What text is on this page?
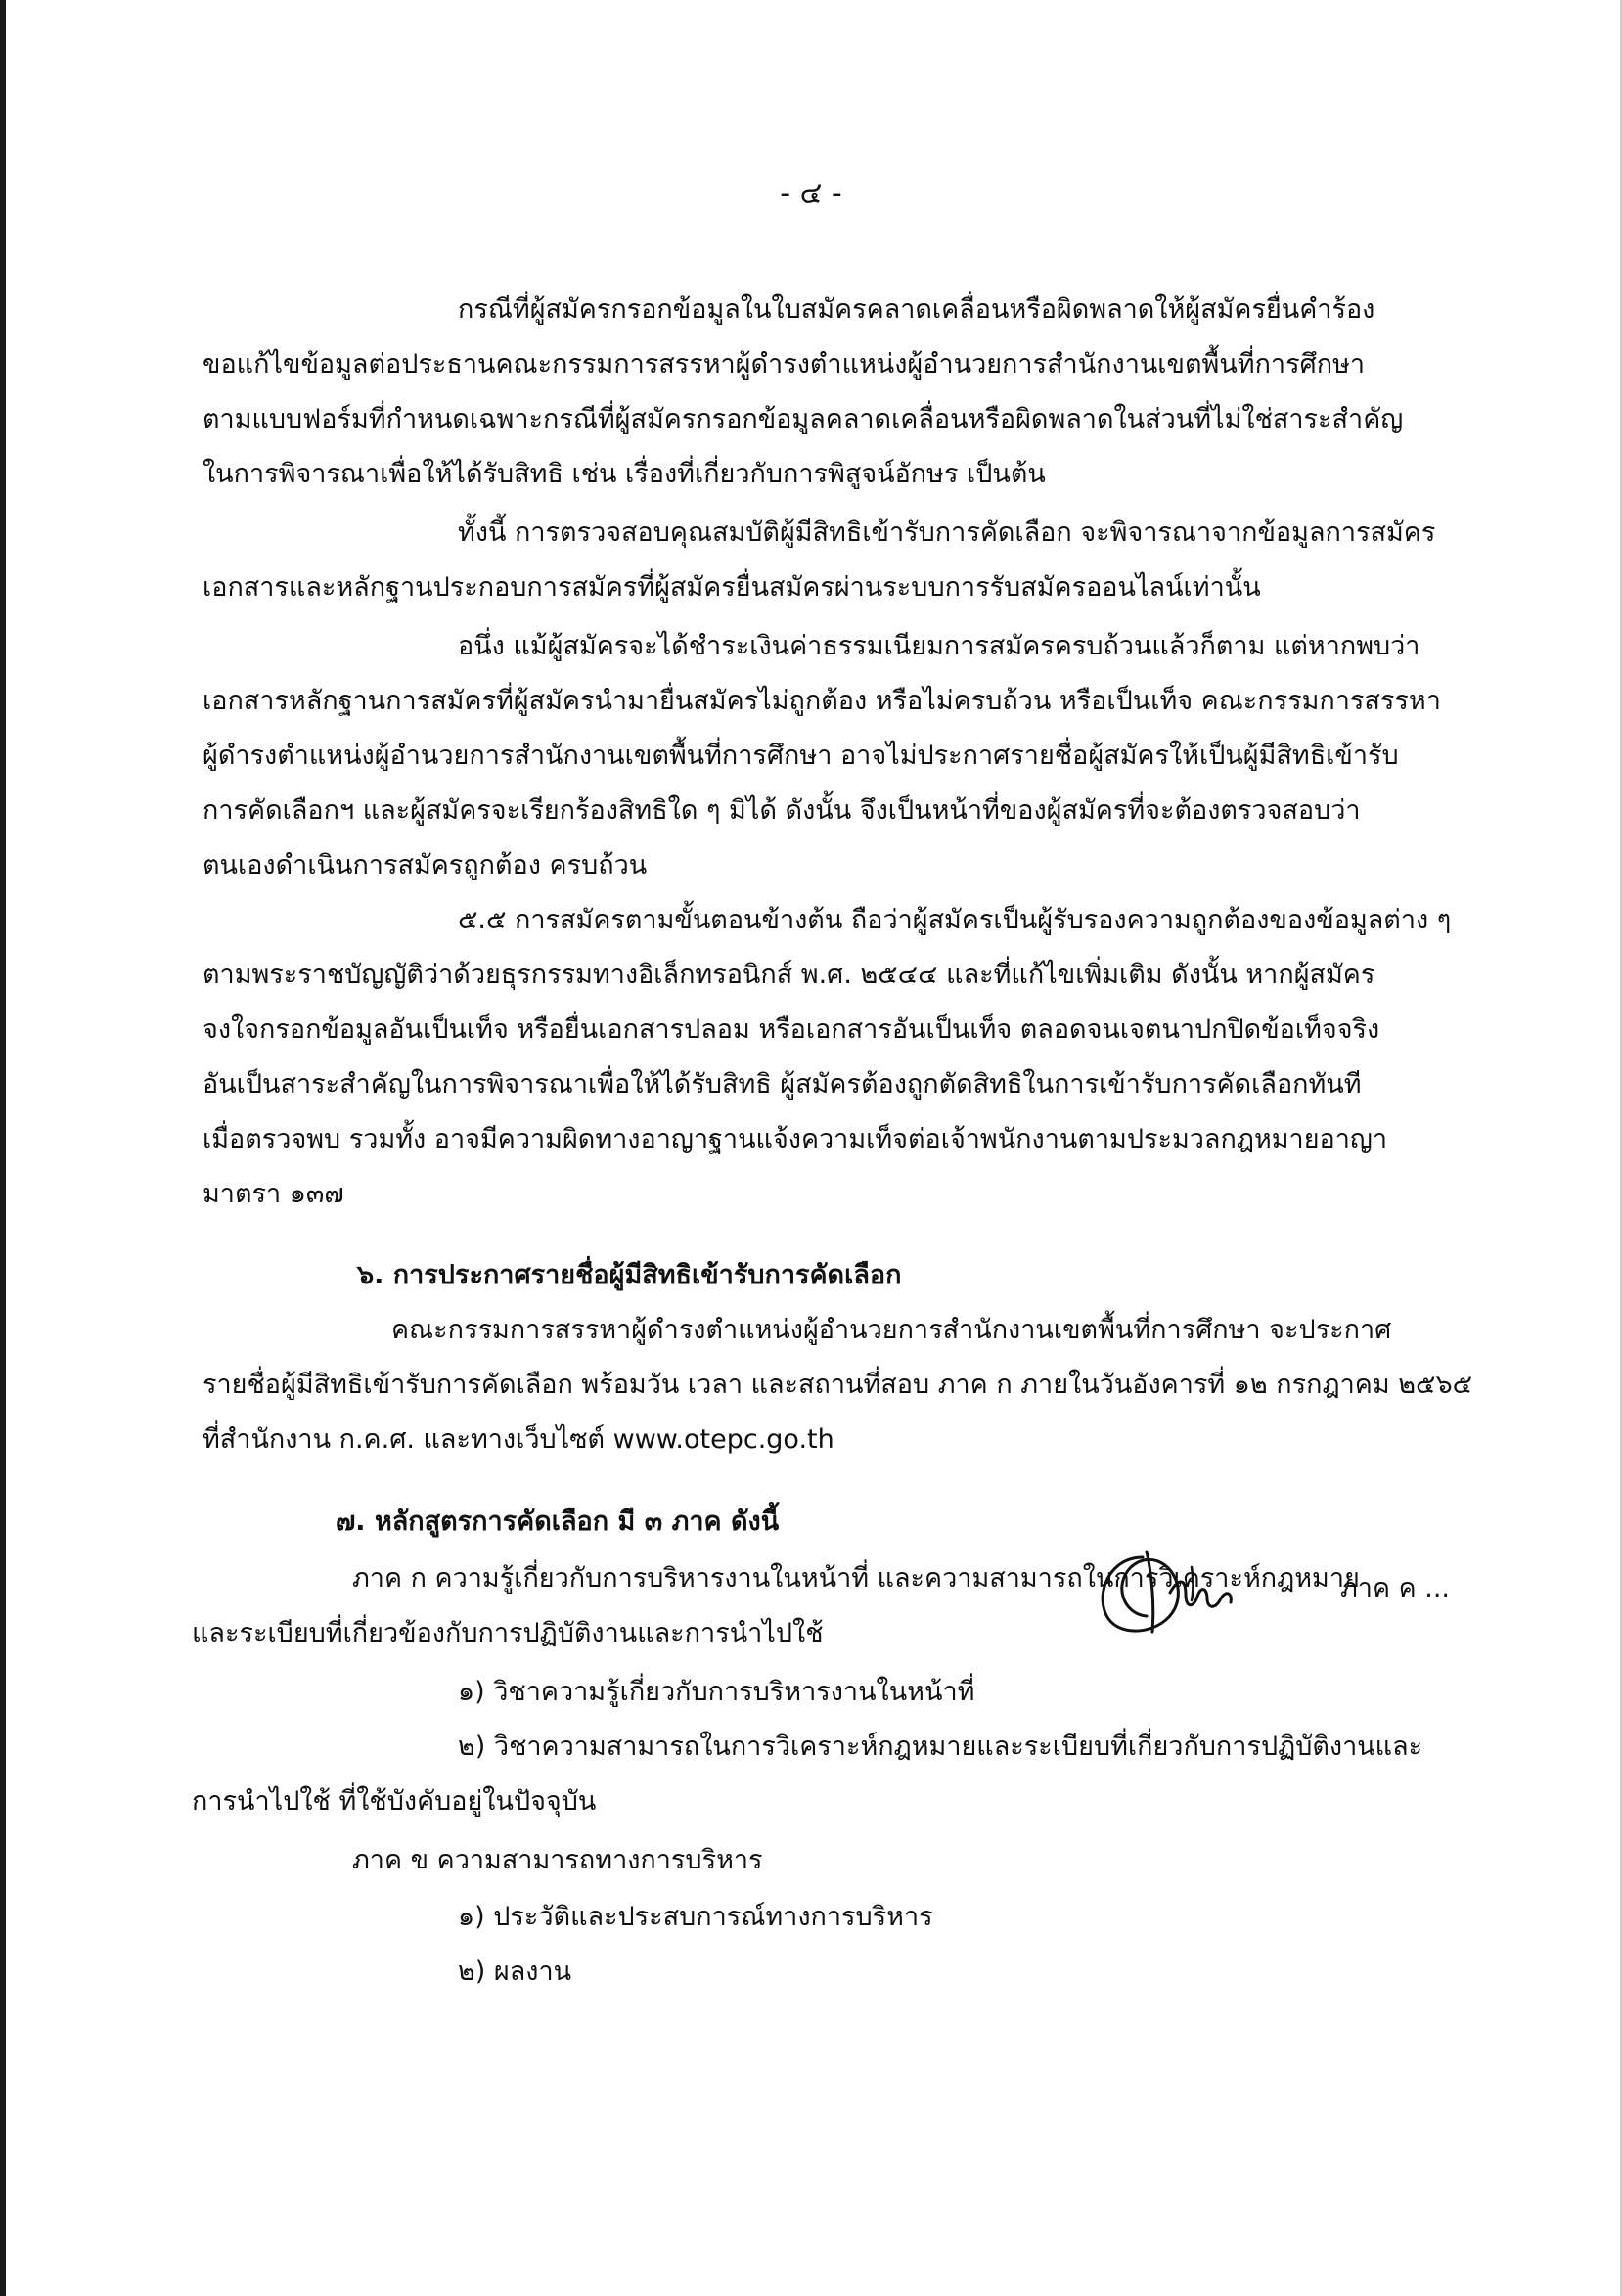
- ๔ -
กรณีที่ผู้สมัครกรอกข้อมูลในใบสมัครคลาดเคลื่อนหรือผิดพลาดให้ผู้สมัครยื่นคำร้อง
ขอแก้ไขข้อมูลต่อประธานคณะกรรมการสรรหาผู้ดำรงตำแหน่งผู้อำนวยการสำนักงานเขตพื้นที่การศึกษา
ตามแบบฟอร์มที่กำหนดเฉพาะกรณีที่ผู้สมัครกรอกข้อมูลคลาดเคลื่อนหรือผิดพลาดในส่วนที่ไม่ใช่สาระสำคัญ
ในการพิจารณาเพื่อให้ได้รับสิทธิ เช่น เรื่องที่เกี่ยวกับการพิสูจน์อักษร เป็นต้น
ทั้งนี้ การตรวจสอบคุณสมบัติผู้มีสิทธิเข้ารับการคัดเลือก จะพิจารณาจากข้อมูลการสมัคร
เอกสารและหลักฐานประกอบการสมัครที่ผู้สมัครยื่นสมัครผ่านระบบการรับสมัครออนไลน์เท่านั้น
อนึ่ง แม้ผู้สมัครจะได้ชำระเงินค่าธรรมเนียมการสมัครครบถ้วนแล้วก็ตาม แต่หากพบว่า
เอกสารหลักฐานการสมัครที่ผู้สมัครนำมายื่นสมัครไม่ถูกต้อง หรือไม่ครบถ้วน หรือเป็นเท็จ คณะกรรมการสรรหา
ผู้ดำรงตำแหน่งผู้อำนวยการสำนักงานเขตพื้นที่การศึกษา อาจไม่ประกาศรายชื่อผู้สมัครให้เป็นผู้มีสิทธิเข้ารับ
การคัดเลือกฯ และผู้สมัครจะเรียกร้องสิทธิใด ๆ มิได้ ดังนั้น จึงเป็นหน้าที่ของผู้สมัครที่จะต้องตรวจสอบว่า
ตนเองดำเนินการสมัครถูกต้อง ครบถ้วน
๕.๕ การสมัครตามขั้นตอนข้างต้น ถือว่าผู้สมัครเป็นผู้รับรองความถูกต้องของข้อมูลต่าง ๆ
ตามพระราชบัญญัติว่าด้วยธุรกรรมทางอิเล็กทรอนิกส์ พ.ศ. ๒๕๔๔ และที่แก้ไขเพิ่มเติม ดังนั้น หากผู้สมัคร
จงใจกรอกข้อมูลอันเป็นเท็จ หรือยื่นเอกสารปลอม หรือเอกสารอันเป็นเท็จ ตลอดจนเจตนาปกปิดข้อเท็จจริง
อันเป็นสาระสำคัญในการพิจารณาเพื่อให้ได้รับสิทธิ ผู้สมัครต้องถูกตัดสิทธิในการเข้ารับการคัดเลือกทันที
เมื่อตรวจพบ รวมทั้ง อาจมีความผิดทางอาญาฐานแจ้งความเท็จต่อเจ้าพนักงานตามประมวลกฎหมายอาญา
มาตรา ๑๓๗
๖. การประกาศรายชื่อผู้มีสิทธิเข้ารับการคัดเลือก
คณะกรรมการสรรหาผู้ดำรงตำแหน่งผู้อำนวยการสำนักงานเขตพื้นที่การศึกษา จะประกาศ
รายชื่อผู้มีสิทธิเข้ารับการคัดเลือก พร้อมวัน เวลา และสถานที่สอบ ภาค ก ภายในวันอังคารที่ ๑๒ กรกฎาคม ๒๕๖๕
ที่สำนักงาน ก.ค.ศ. และทางเว็บไซต์ www.otepc.go.th
๗. หลักสูตรการคัดเลือก มี ๓ ภาค ดังนี้
ภาค ก ความรู้เกี่ยวกับการบริหารงานในหน้าที่ และความสามารถในการวิเคราะห์กฎหมาย
และระเบียบที่เกี่ยวข้องกับการปฏิบัติงานและการนำไปใช้
๑) วิชาความรู้เกี่ยวกับการบริหารงานในหน้าที่
๒) วิชาความสามารถในการวิเคราะห์กฎหมายและระเบียบที่เกี่ยวกับการปฏิบัติงานและ
การนำไปใช้ ที่ใช้บังคับอยู่ในปัจจุบัน
ภาค ข ความสามารถทางการบริหาร
๑) ประวัติและประสบการณ์ทางการบริหาร
๒) ผลงาน
ภาค ค ...
